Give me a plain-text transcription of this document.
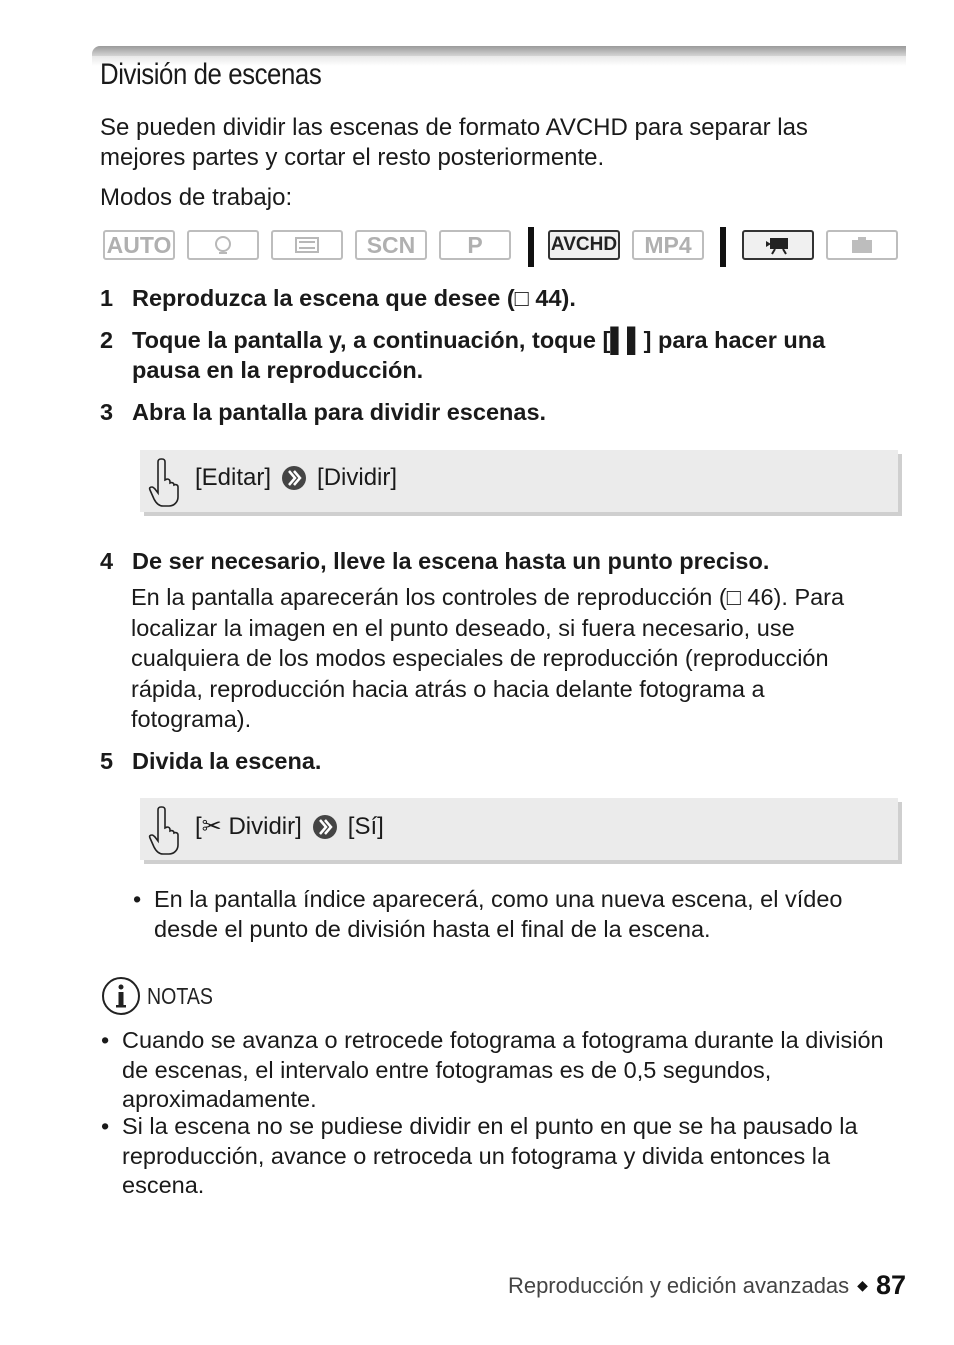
División de escenas
Se pueden dividir las escenas de formato AVCHD para separar las mejores partes y cortar el resto posteriormente.
Modos de trabajo:
AUTO	SCN P	AVCHD MP4
1 Reproduzca la escena que desee (□ 44).
2 Toque la pantalla y, a continuación, toque [▌▌] para hacer una pausa en la reproducción.
3 Abra la pantalla para dividir escenas.
[Editar] [Dividir]
4 De ser necesario, lleve la escena hasta un punto preciso.
En la pantalla aparecerán los controles de reproducción (□ 46). Para localizar la imagen en el punto deseado, si fuera necesario, use cualquiera de los modos especiales de reproducción (reproducción rápida, reproducción hacia atrás o hacia delante fotograma a fotograma).
5 Divida la escena.
[✂ Dividir] [Sí]
• En la pantalla índice aparecerá, como una nueva escena, el vídeo desde el punto de división hasta el final de la escena.
NOTAS
• Cuando se avanza o retrocede fotograma a fotograma durante la división de escenas, el intervalo entre fotogramas es de 0,5 segundos, aproximadamente.
• Si la escena no se pudiese dividir en el punto en que se ha pausado la reproducción, avance o retroceda un fotograma y divida entonces la escena.
Reproducción y edición avanzadas ◆ 87
